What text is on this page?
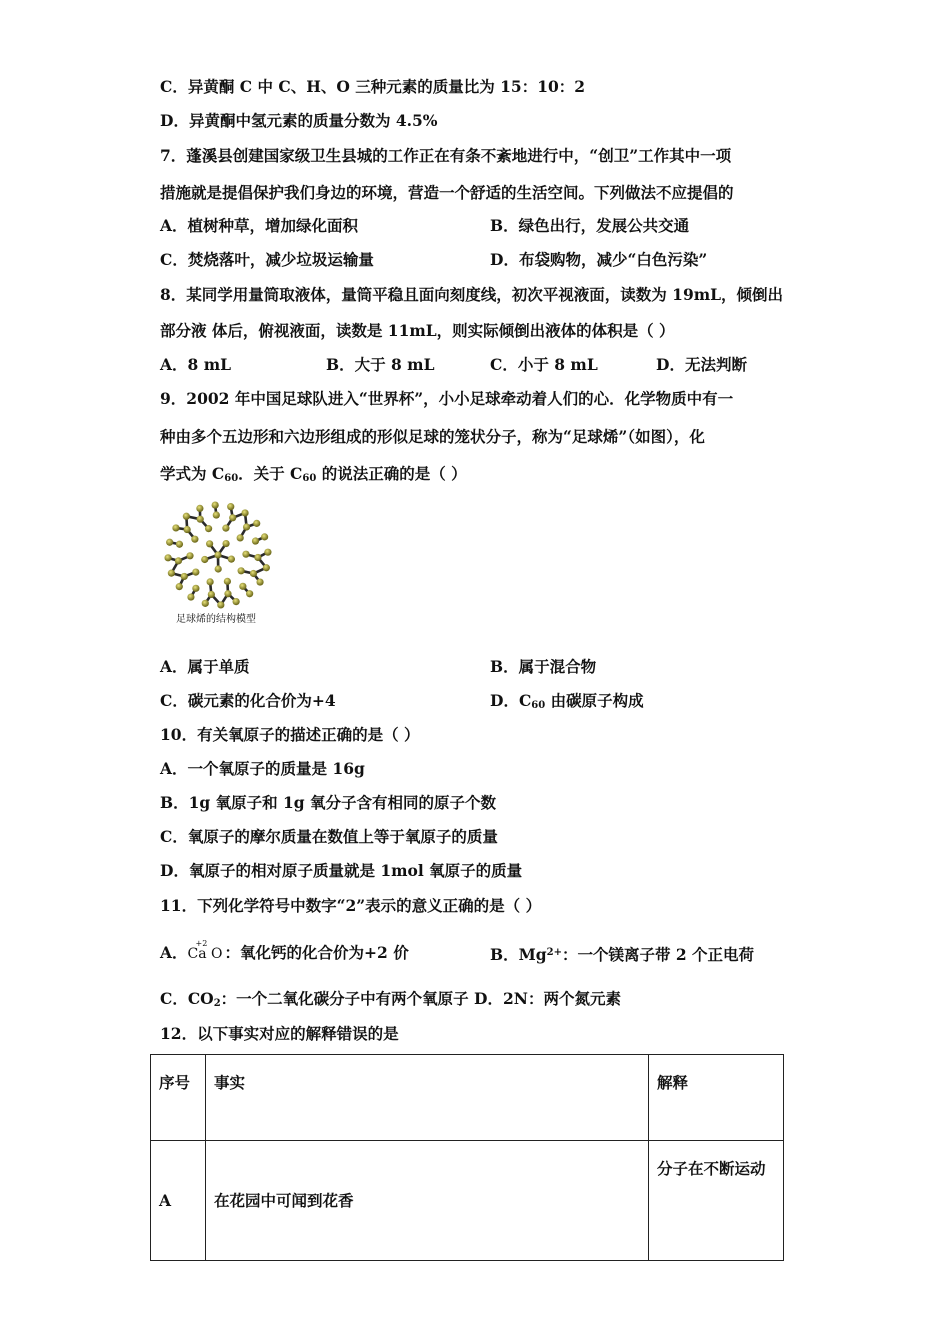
C．异黄酮 C 中 C、H、O 三种元素的质量比为 15：10：2
D．异黄酮中氢元素的质量分数为 4.5%
7．蓬溪县创建国家级卫生县城的工作正在有条不紊地进行中，“创卫”工作其中一项
措施就是提倡保护我们身边的环境，营造一个舒适的生活空间。下列做法不应提倡的
A．植树种草，增加绿化面积	B．绿色出行，发展公共交通
C．焚烧落叶，减少垃圾运输量	D．布袋购物，减少“白色污染”
8．某同学用量筒取液体，量筒平稳且面向刻度线，初次平视液面，读数为 19mL，倾倒出
部分液 体后，俯视液面，读数是 11mL，则实际倾倒出液体的体积是（ ）
A．8 mL	B．大于 8 mL	C．小于 8 mL	D．无法判断
9．2002 年中国足球队进入“世界杯”，小小足球牵动着人们的心．化学物质中有一
种由多个五边形和六边形组成的形似足球的笼状分子，称为“足球烯”（如图），化
学式为 $C_{60}$．关于 $C_{60}$ 的说法正确的是（ ）
足球烯的结构模型
A．属于单质	B．属于混合物
C．碳元素的化合价为+4	D．$C_{60}$ 由碳原子构成
10．有关氧原子的描述正确的是（ ）
A．一个氧原子的质量是 16g
B．1g 氧原子和 1g 氧分子含有相同的原子个数
C．氧原子的摩尔质量在数值上等于氧原子的质量
D．氧原子的相对原子质量就是 1mol 氧原子的质量
11．下列化学符号中数字“2”表示的意义正确的是（ ）
A． +2
Ca O ：氧化钙的化合价为+2 价	B．$Mg^{2+}$：一个镁离子带 2 个正电荷
C．$CO_2$：一个二氧化碳分子中有两个氧原子 D．2N：两个氮元素
12．以下事实对应的解释错误的是
序号	事实	解释
A	在花园中可闻到花香	分子在不断运动
